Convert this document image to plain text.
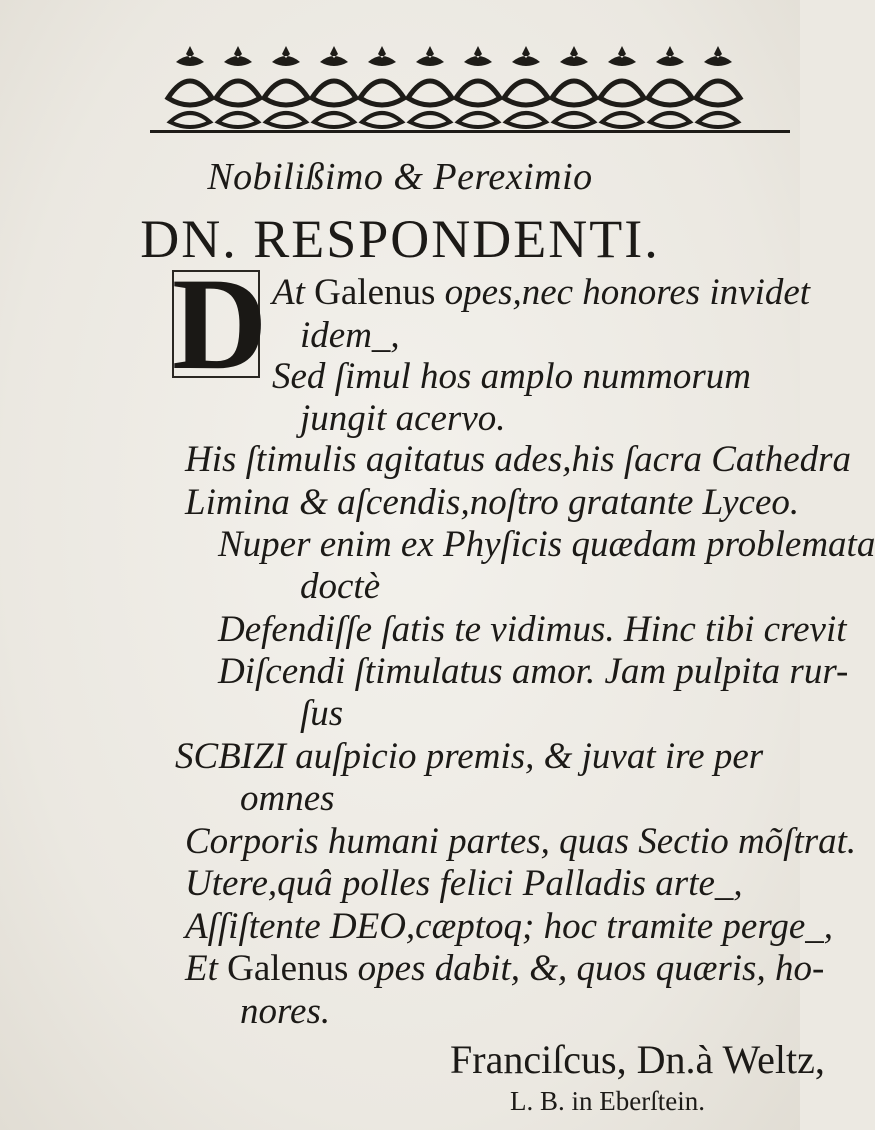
Nobilißimo & Pereximio
DN. RESPONDENTI.
D At Galenus opes,nec honores invidet
idem_,
Sed ſimul hos amplo nummorum
jungit acervo.
His ſtimulis agitatus ades,his ſacra Cathedra
Limina & aſcendis,noſtro gratante Lyceo.
Nuper enim ex Phyſicis quædam problemata
doctè
Defendiſſe ſatis te vidimus. Hinc tibi crevit
Diſcendi ſtimulatus amor. Jam pulpita rur-
ſus
SCBIZI auſpicio premis, & juvat ire per
omnes
Corporis humani partes, quas Sectio mõſtrat.
Utere,quâ polles felici Palladis arte_,
Aſſiſtente DEO,cæptoq; hoc tramite perge_,
Et Galenus opes dabit, &, quos quæris, ho-
nores.
Franciſcus, Dn.à Weltz,
L. B. in Eberſtein.
